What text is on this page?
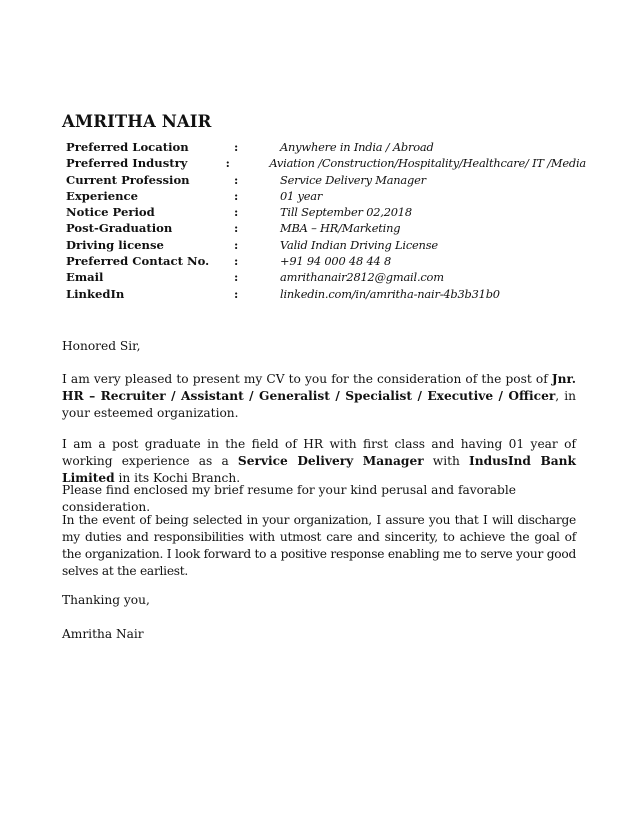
AMRITHA NAIR
Preferred Location	:	Anywhere in India / Abroad
Preferred Industry	:	Aviation /Construction/Hospitality/Healthcare/ IT /Media
Current Profession	:	Service Delivery Manager
Experience	:	01 year
Notice Period	:	Till September 02,2018
Post-Graduation	:	MBA – HR/Marketing
Driving license	:	Valid Indian Driving License
Preferred Contact No.	:	+91 94 000 48 44 8
Email	:	amrithanair2812@gmail.com
LinkedIn	:	linkedin.com/in/amritha-nair-4b3b31b0
Honored Sir,
I am very pleased to present my CV to you for the consideration of the post of Jnr. HR – Recruiter / Assistant / Generalist / Specialist / Executive / Officer, in your esteemed organization.
I am a post graduate in the field of HR with first class and having 01 year of working experience as a Service Delivery Manager with IndusInd Bank Limited in its Kochi Branch.
Please find enclosed my brief resume for your kind perusal and favorable consideration.
In the event of being selected in your organization, I assure you that I will discharge my duties and responsibilities with utmost care and sincerity, to achieve the goal of the organization. I look forward to a positive response enabling me to serve your good selves at the earliest.
Thanking you,
Amritha Nair
